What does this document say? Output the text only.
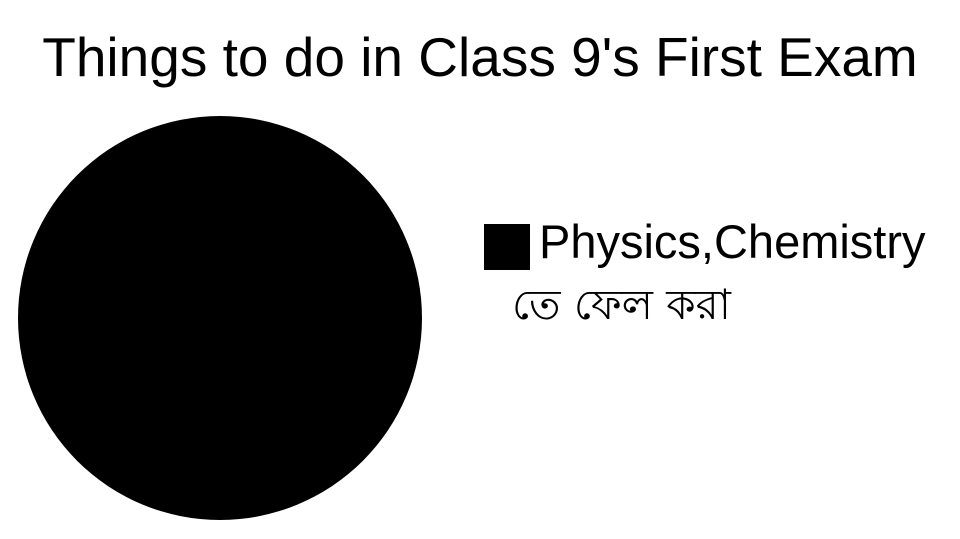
Things to do in Class 9's First Exam
Physics,Chemistry
তে ফেল করা
